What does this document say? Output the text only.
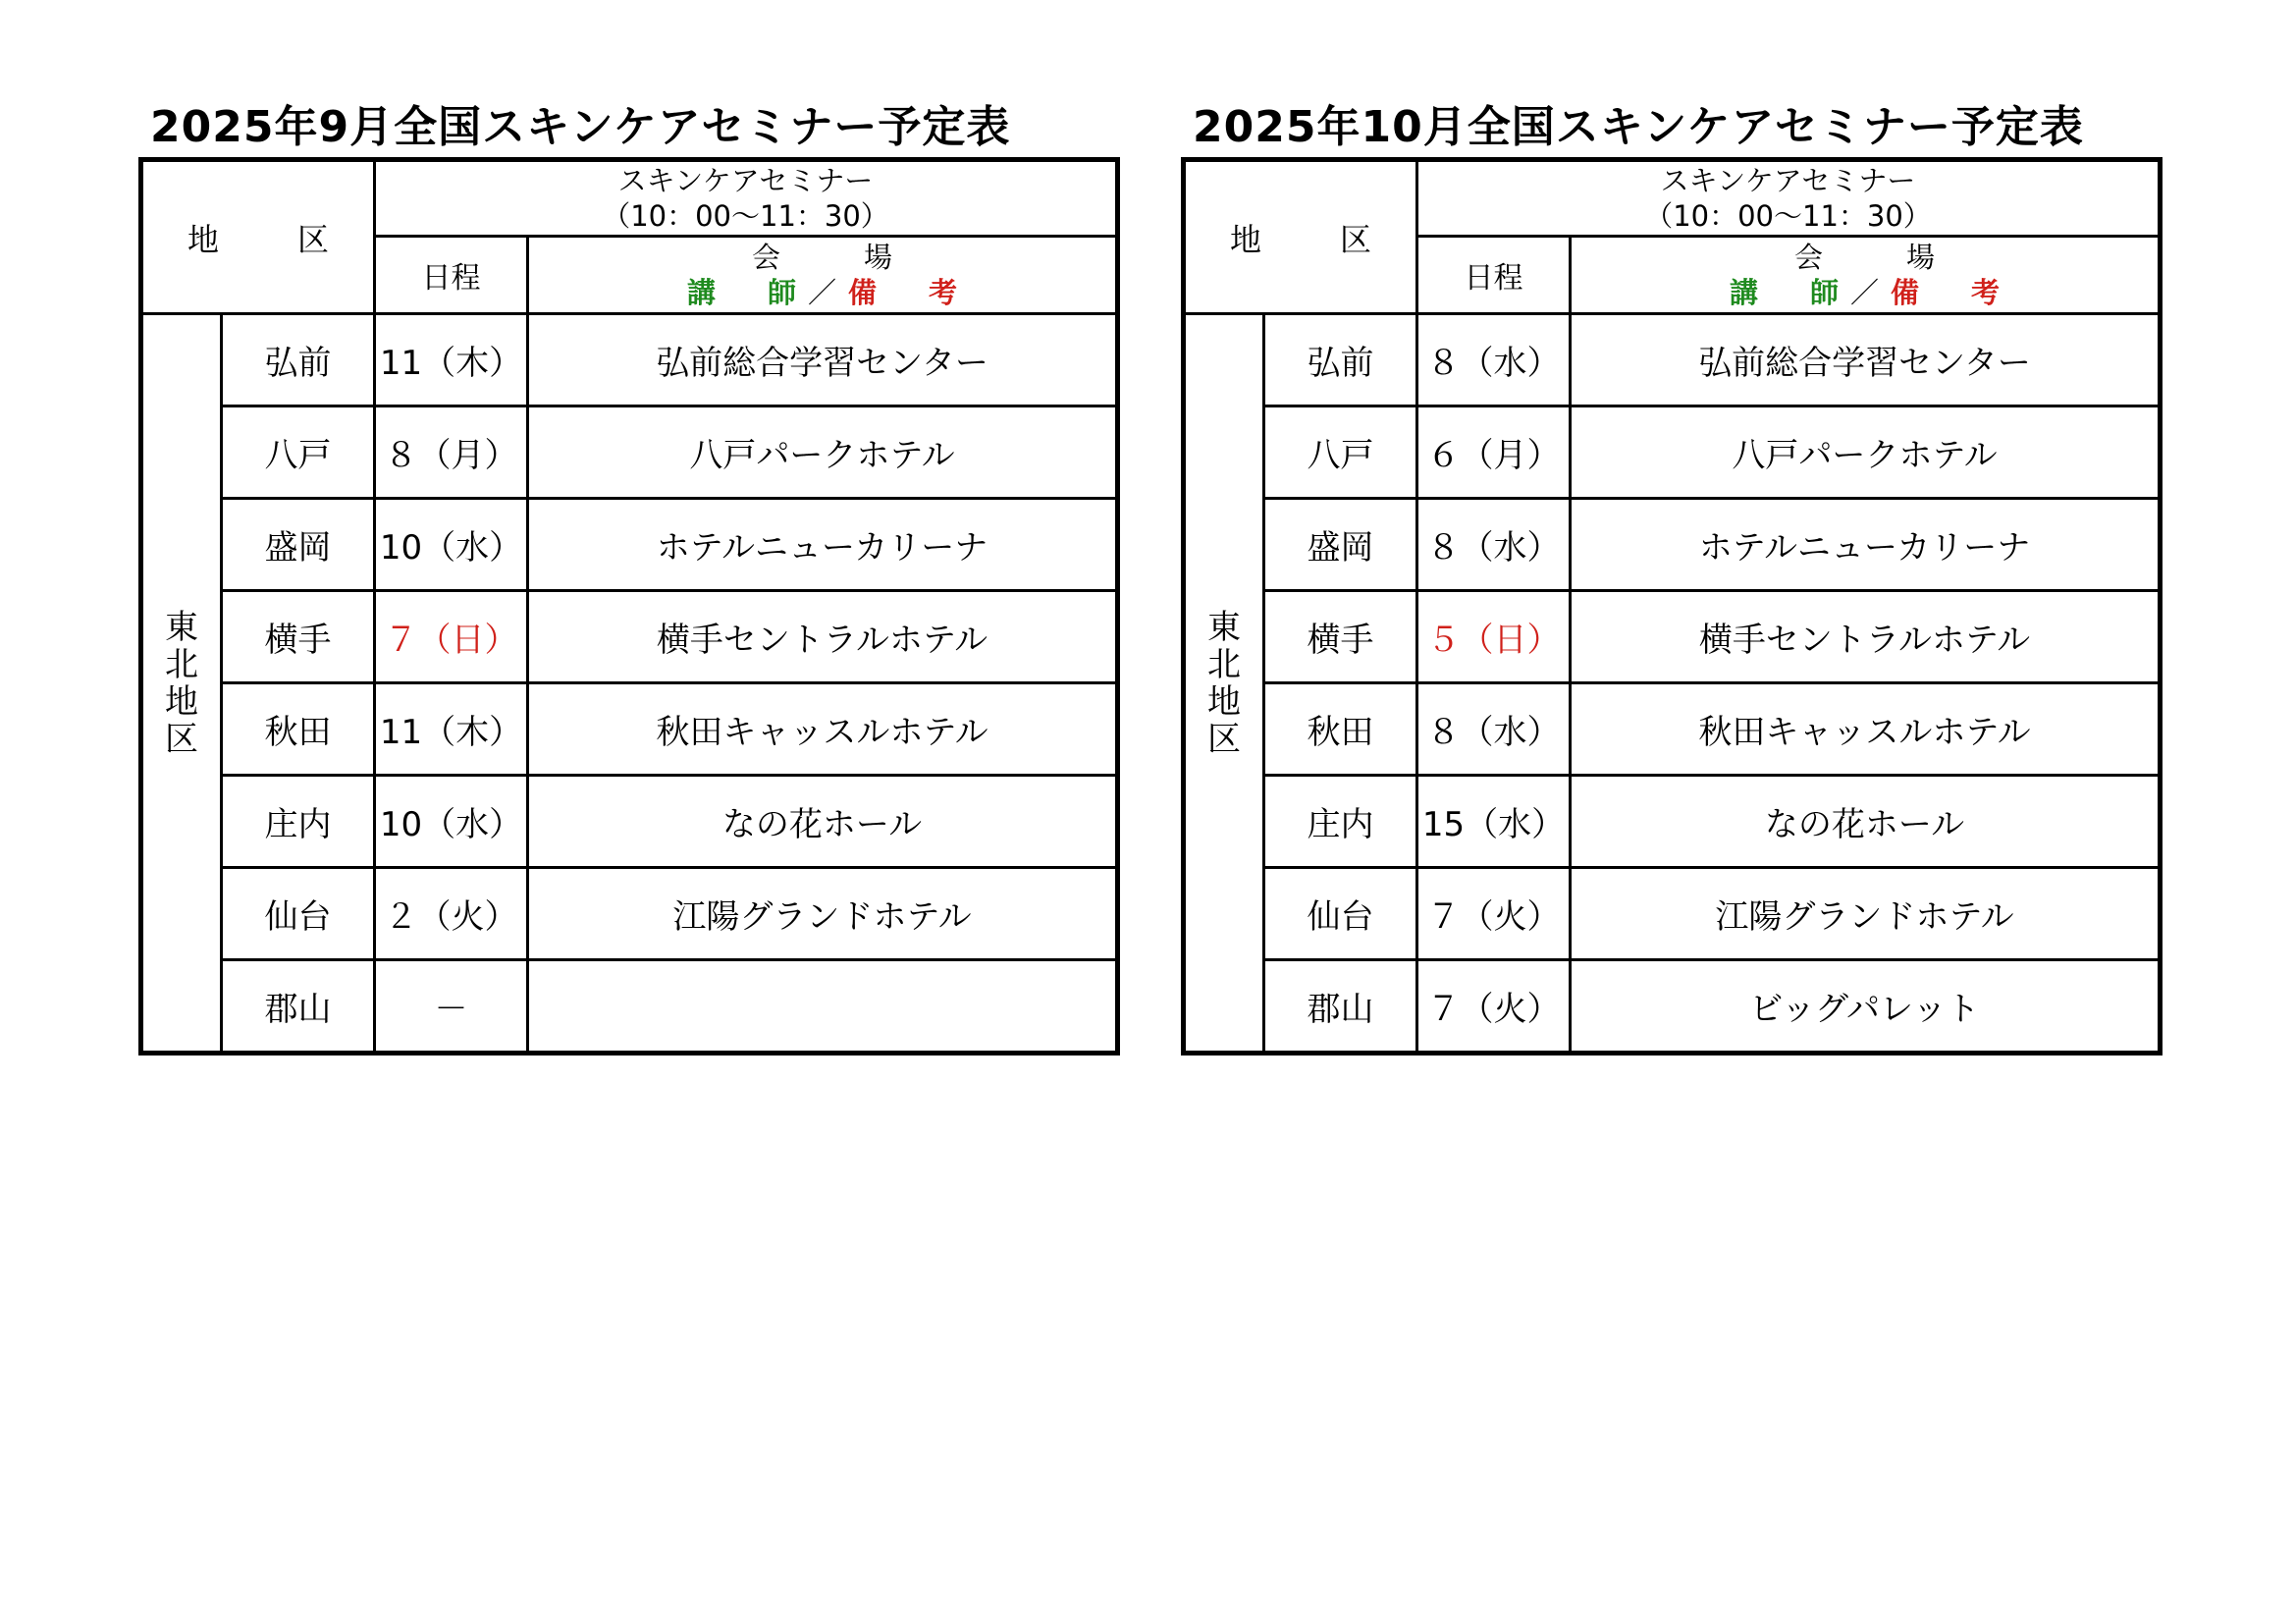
2025年9月全国スキンケアセミナー予定表
地　区		スキンケアセミナー
（10：00～11：30）	
		日程	会　場
講　師／備　考

東北地区	弘前	11（木）	弘前総合学習センター
	八戸	８（月）	八戸パークホテル
	盛岡	10（水）	ホテルニューカリーナ
	横手	７（日）	横手セントラルホテル
	秋田	11（木）	秋田キャッスルホテル
	庄内	10（水）	なの花ホール
	仙台	２（火）	江陽グランドホテル
	郡山	－	
2025年10月全国スキンケアセミナー予定表
地　区		スキンケアセミナー
（10：00～11：30）	
		日程	会　場
講　師／備　考

東北地区	弘前	８（水）	弘前総合学習センター
	八戸	６（月）	八戸パークホテル
	盛岡	８（水）	ホテルニューカリーナ
	横手	５（日）	横手セントラルホテル
	秋田	８（水）	秋田キャッスルホテル
	庄内	15（水）	なの花ホール
	仙台	７（火）	江陽グランドホテル
	郡山	７（火）	ビッグパレット
